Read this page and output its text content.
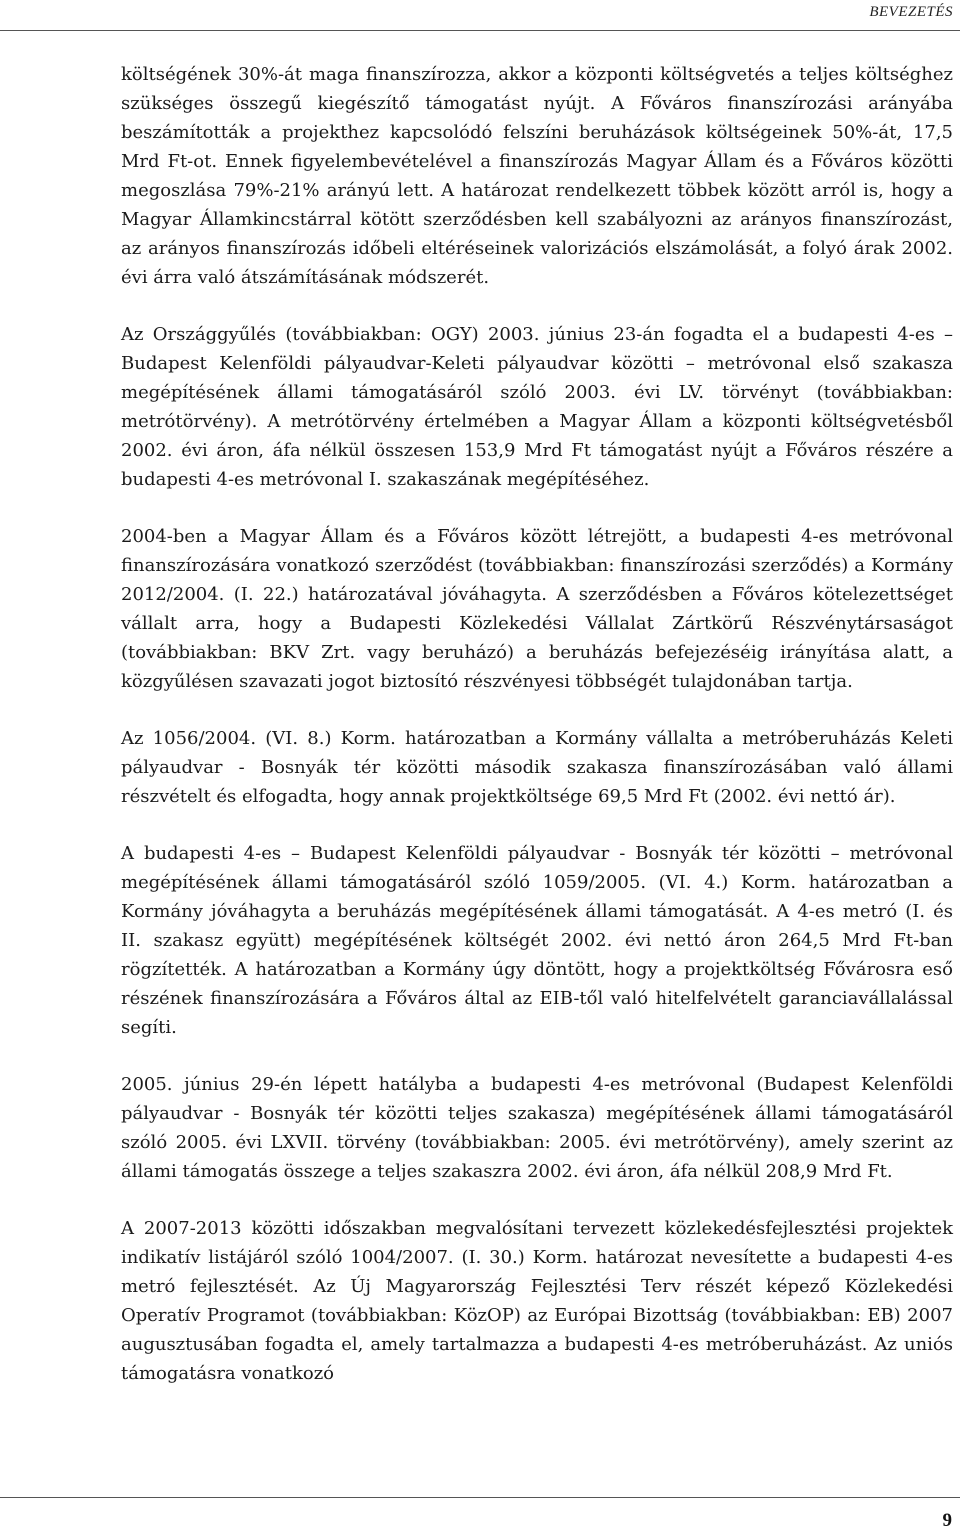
BEVEZETÉS

költségének 30%-át maga finanszírozza, akkor a központi költségvetés a teljes költséghez szükséges összegű kiegészítő támogatást nyújt. A Főváros finanszírozási arányába beszámították a projekthez kapcsolódó felszíni beruházások költségeinek 50%-át, 17,5 Mrd Ft-ot. Ennek figyelembevételével a finanszírozás Magyar Állam és a Főváros közötti megoszlása 79%-21% arányú lett. A határozat rendelkezett többek között arról is, hogy a Magyar Államkincstárral kötött szerződésben kell szabályozni az arányos finanszírozást, az arányos finanszírozás időbeli eltéréseinek valorizációs elszámolását, a folyó árak 2002. évi árra való átszámításának módszerét.

Az Országgyűlés (továbbiakban: OGY) 2003. június 23-án fogadta el a budapesti 4-es – Budapest Kelenföldi pályaudvar-Keleti pályaudvar közötti – metróvonal első szakasza megépítésének állami támogatásáról szóló 2003. évi LV. törvényt (továbbiakban: metrótörvény). A metrótörvény értelmében a Magyar Állam a központi költségvetésből 2002. évi áron, áfa nélkül összesen 153,9 Mrd Ft támogatást nyújt a Főváros részére a budapesti 4-es metróvonal I. szakaszának megépítéséhez.

2004-ben a Magyar Állam és a Főváros között létrejött, a budapesti 4-es metróvonal finanszírozására vonatkozó szerződést (továbbiakban: finanszírozási szerződés) a Kormány 2012/2004. (I. 22.) határozatával jóváhagyta. A szerződésben a Főváros kötelezettséget vállalt arra, hogy a Budapesti Közlekedési Vállalat Zártkörű Részvénytársaságot (továbbiakban: BKV Zrt. vagy beruházó) a beruházás befejezéséig irányítása alatt, a közgyűlésen szavazati jogot biztosító részvényesi többségét tulajdonában tartja.

Az 1056/2004. (VI. 8.) Korm. határozatban a Kormány vállalta a metróberuházás Keleti pályaudvar - Bosnyák tér közötti második szakasza finanszírozásában való állami részvételt és elfogadta, hogy annak projektköltsége 69,5 Mrd Ft (2002. évi nettó ár).

A budapesti 4-es – Budapest Kelenföldi pályaudvar - Bosnyák tér közötti – metróvonal megépítésének állami támogatásáról szóló 1059/2005. (VI. 4.) Korm. határozatban a Kormány jóváhagyta a beruházás megépítésének állami támogatását. A 4-es metró (I. és II. szakasz együtt) megépítésének költségét 2002. évi nettó áron 264,5 Mrd Ft-ban rögzítették. A határozatban a Kormány úgy döntött, hogy a projektköltség Fővárosra eső részének finanszírozására a Főváros által az EIB-től való hitelfelvételt garanciavállalással segíti.

2005. június 29-én lépett hatályba a budapesti 4-es metróvonal (Budapest Kelenföldi pályaudvar - Bosnyák tér közötti teljes szakasza) megépítésének állami támogatásáról szóló 2005. évi LXVII. törvény (továbbiakban: 2005. évi metrótörvény), amely szerint az állami támogatás összege a teljes szakaszra 2002. évi áron, áfa nélkül 208,9 Mrd Ft.

A 2007-2013 közötti időszakban megvalósítani tervezett közlekedésfejlesztési projektek indikatív listájáról szóló 1004/2007. (I. 30.) Korm. határozat nevesítette a budapesti 4-es metró fejlesztését. Az Új Magyarország Fejlesztési Terv részét képező Közlekedési Operatív Programot (továbbiakban: KözOP) az Európai Bizottság (továbbiakban: EB) 2007 augusztusában fogadta el, amely tartalmazza a budapesti 4-es metróberuházást. Az uniós támogatásra vonatkozó

9
